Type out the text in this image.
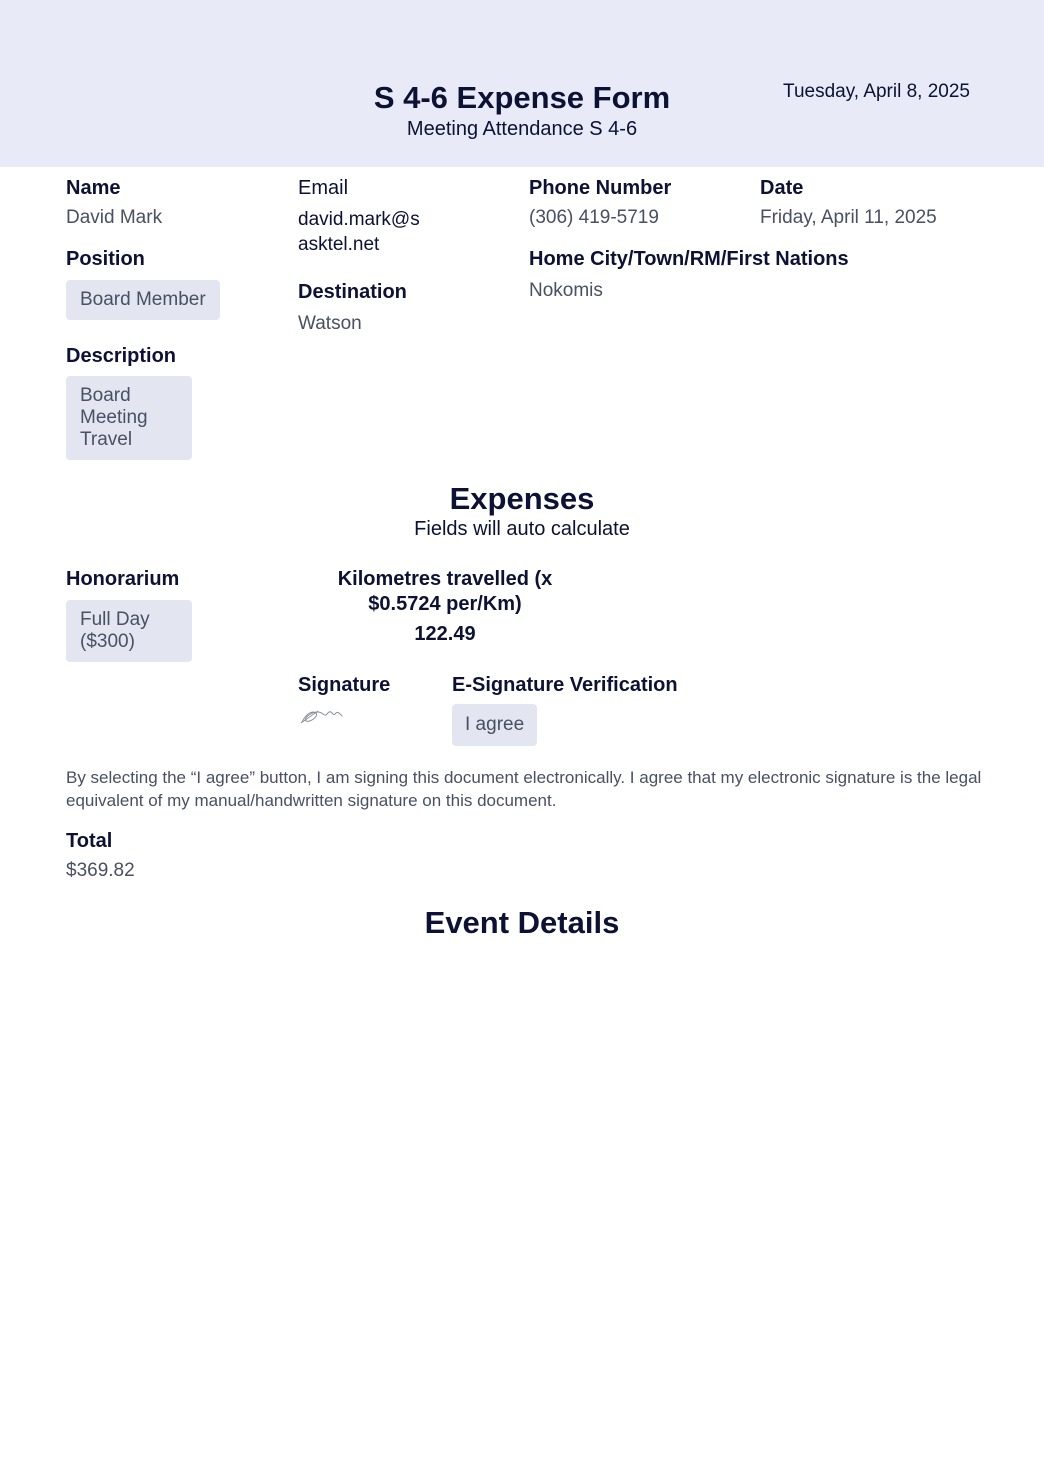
S 4-6 Expense Form
Meeting Attendance S 4-6
Tuesday, April 8, 2025
Name
David Mark
Email
david.mark@s
asktel.net
Phone Number
(306) 419-5719
Date
Friday, April 11, 2025
Position
Board Member
Home City/Town/RM/First Nations
Nokomis
Destination
Watson
Description
Board
Meeting
Travel
Expenses
Fields will auto calculate
Honorarium
Full Day
($300)
Kilometres travelled (x
$0.5724 per/Km)
122.49
Signature	E-Signature Verification
I agree
By selecting the “I agree” button, I am signing this document electronically. I agree that my electronic signature is the legal equivalent of my manual/handwritten signature on this document.
Total
$369.82
Event Details
